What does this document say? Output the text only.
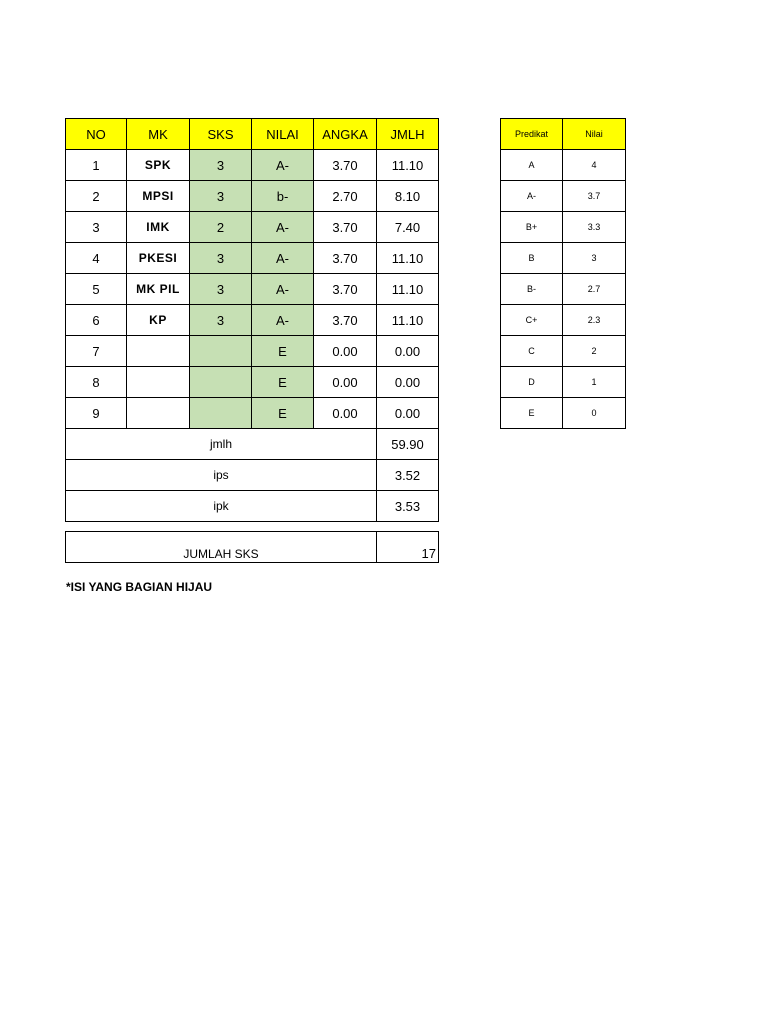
NO	MK	SKS	NILAI	ANGKA	JMLH
1	SPK	3	A-	3.70	11.10
2	MPSI	3	b-	2.70	8.10
3	IMK	2	A-	3.70	7.40
4	PKESI	3	A-	3.70	11.10
5	MK PIL	3	A-	3.70	11.10
6	KP	3	A-	3.70	11.10
7			E	0.00	0.00
8			E	0.00	0.00
9			E	0.00	0.00
jmlh					59.90
ips					3.52
ipk					3.53
JUMLAH SKS	17
*ISI YANG BAGIAN HIJAU
Predikat	Nilai
A	4
A-	3.7
B+	3.3
B	3
B-	2.7
C+	2.3
C	2
D	1
E	0
